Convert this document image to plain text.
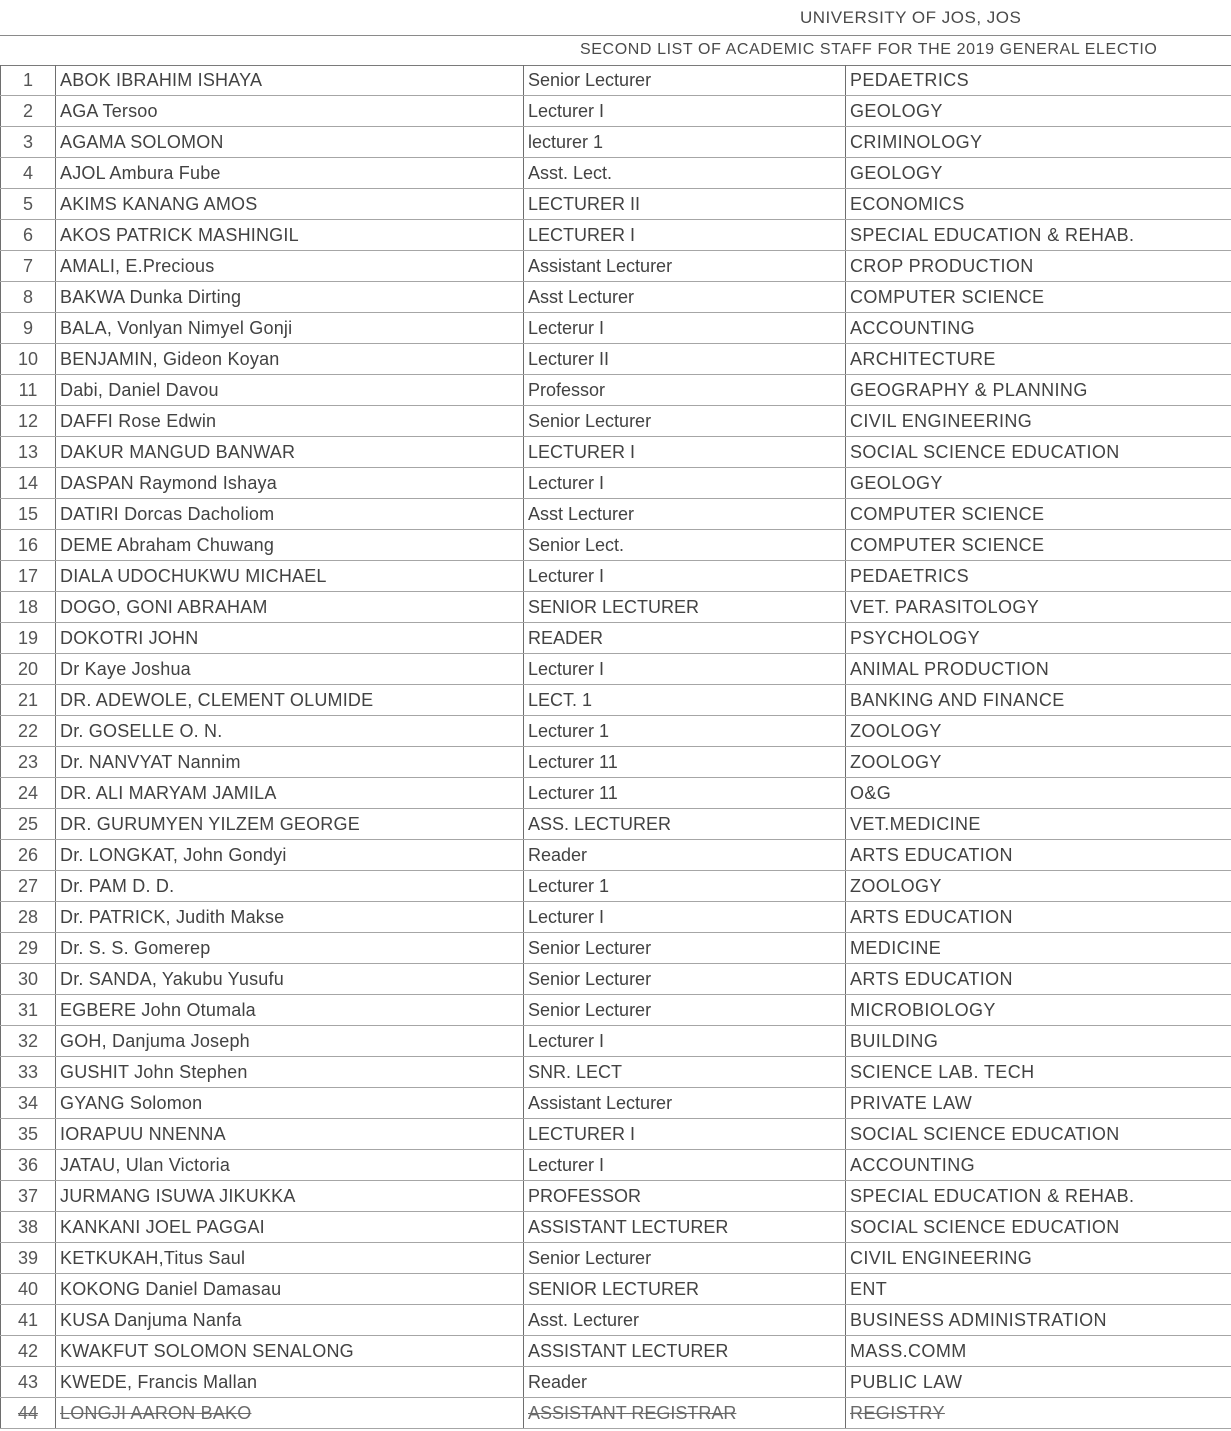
UNIVERSITY OF JOS, JOS
SECOND LIST OF ACADEMIC STAFF FOR THE 2019 GENERAL ELECTIO
1	ABOK IBRAHIM ISHAYA	Senior Lecturer	PEDAETRICS
2	AGA Tersoo	Lecturer I	GEOLOGY
3	AGAMA SOLOMON	lecturer 1	CRIMINOLOGY
4	AJOL Ambura Fube	Asst. Lect.	GEOLOGY
5	AKIMS KANANG AMOS	LECTURER II	ECONOMICS
6	AKOS PATRICK MASHINGIL	LECTURER I	SPECIAL EDUCATION & REHAB.
7	AMALI, E.Precious	Assistant Lecturer	CROP PRODUCTION
8	BAKWA Dunka Dirting	Asst Lecturer	COMPUTER SCIENCE
9	BALA, Vonlyan Nimyel Gonji	Lecterur I	ACCOUNTING
10	BENJAMIN, Gideon Koyan	Lecturer II	ARCHITECTURE
11	Dabi, Daniel Davou	Professor	GEOGRAPHY & PLANNING
12	DAFFI Rose Edwin	Senior Lecturer	CIVIL ENGINEERING
13	DAKUR MANGUD BANWAR	LECTURER I	SOCIAL SCIENCE EDUCATION
14	DASPAN Raymond Ishaya	Lecturer I	GEOLOGY
15	DATIRI Dorcas Dacholiom	Asst Lecturer	COMPUTER SCIENCE
16	DEME Abraham Chuwang	Senior Lect.	COMPUTER SCIENCE
17	DIALA UDOCHUKWU MICHAEL	Lecturer I	PEDAETRICS
18	DOGO, GONI ABRAHAM	SENIOR LECTURER	VET. PARASITOLOGY
19	DOKOTRI JOHN	READER	PSYCHOLOGY
20	Dr Kaye Joshua	Lecturer I	ANIMAL PRODUCTION
21	DR. ADEWOLE, CLEMENT OLUMIDE	LECT. 1	BANKING AND FINANCE
22	Dr. GOSELLE O. N.	Lecturer 1	ZOOLOGY
23	Dr. NANVYAT Nannim	Lecturer 11	ZOOLOGY
24	DR. ALI MARYAM JAMILA	Lecturer 11	O&G
25	DR. GURUMYEN YILZEM GEORGE	ASS. LECTURER	VET.MEDICINE
26	Dr. LONGKAT, John Gondyi	Reader	ARTS EDUCATION
27	Dr. PAM D. D.	Lecturer 1	ZOOLOGY
28	Dr. PATRICK, Judith Makse	Lecturer I	ARTS EDUCATION
29	Dr. S. S. Gomerep	Senior Lecturer	MEDICINE
30	Dr. SANDA, Yakubu Yusufu	Senior Lecturer	ARTS EDUCATION
31	EGBERE John Otumala	Senior Lecturer	MICROBIOLOGY
32	GOH, Danjuma Joseph	Lecturer I	BUILDING
33	GUSHIT John Stephen	SNR. LECT	SCIENCE LAB. TECH
34	GYANG Solomon	Assistant Lecturer	PRIVATE LAW
35	IORAPUU NNENNA	LECTURER I	SOCIAL SCIENCE EDUCATION
36	JATAU, Ulan Victoria	Lecturer I	ACCOUNTING
37	JURMANG ISUWA JIKUKKA	PROFESSOR	SPECIAL EDUCATION & REHAB.
38	KANKANI JOEL PAGGAI	ASSISTANT LECTURER	SOCIAL SCIENCE EDUCATION
39	KETKUKAH,Titus Saul	Senior Lecturer	CIVIL ENGINEERING
40	KOKONG Daniel Damasau	SENIOR LECTURER	ENT
41	KUSA Danjuma Nanfa	Asst. Lecturer	BUSINESS ADMINISTRATION
42	KWAKFUT SOLOMON SENALONG	ASSISTANT LECTURER	MASS.COMM
43	KWEDE, Francis Mallan	Reader	PUBLIC LAW
44	LONGJI AARON BAKO	ASSISTANT REGISTRAR	REGISTRY
